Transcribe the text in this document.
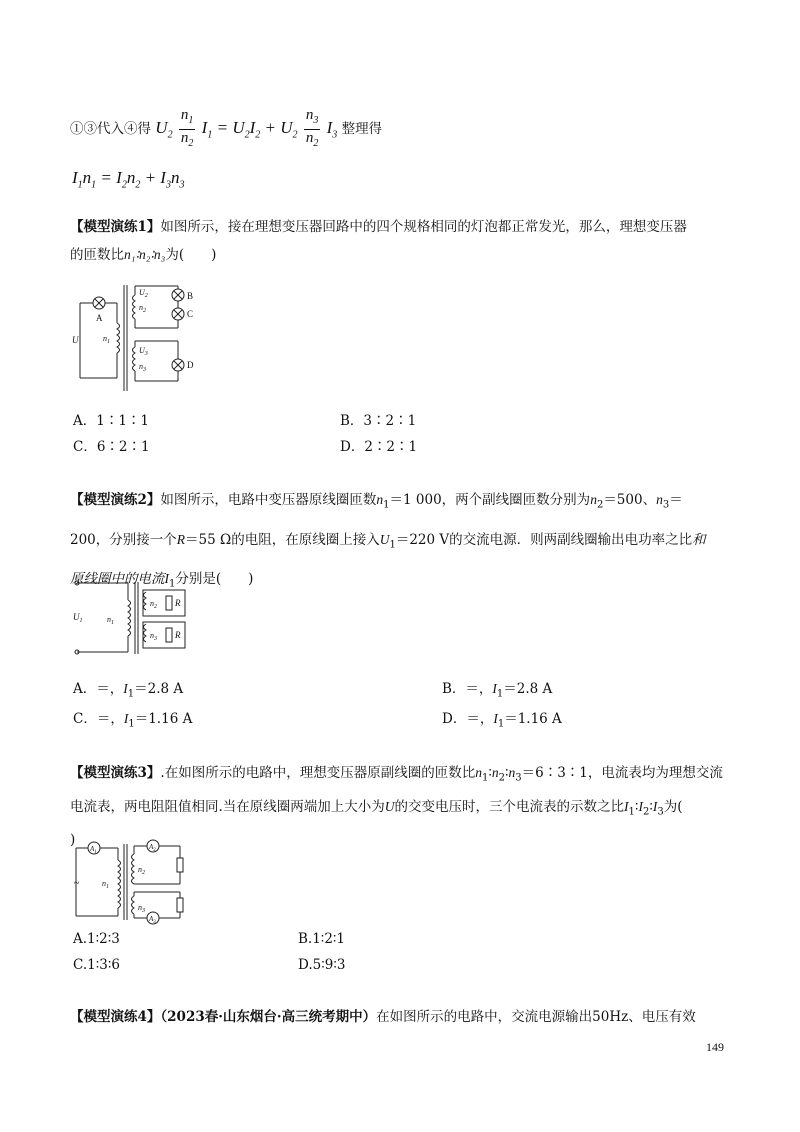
①③代入④得 $U_2 \frac{n_1}{n_2} I_1 = U_2I_2 + U_2 \frac{n_3}{n_2} I_3$ 整理得
$I_1n_1 = I_2n_2 + I_3n_3$
【模型演练1】如图所示，接在理想变压器回路中的四个规格相同的灯泡都正常发光，那么，理想变压器
的匝数比n₁∶n₂∶n₃为(　　)
A
U	$n_1$
$U_2$
$n_2$
B
C
$U_3$
$n_3$	D
A．1∶1∶1	B．3∶2∶1
C．6∶2∶1	D．2∶2∶1
【模型演练2】如图所示，电路中变压器原线圈匝数$n_1=1$ 000，两个副线圈匝数分别为$n_2=500$、$n_3=$
200，分别接一个R＝55 Ω的电阻，在原线圈上接入$U_1=220$ V的交流电源．则两副线圈输出电功率之比和
原线圈中的电流$I_1$分别是(　　)
$U_1$	$n_1$
$n_2$
$n_3$
R
R
A．＝，$I_1=2.8$ A	B．＝，$I_1=2.8$ A
C．＝，$I_1=1.16$ A	D．＝，$I_1=1.16$ A
【模型演练3】.在如图所示的电路中，理想变压器原副线圈的匝数比$n_1∶n_2∶n_3=6∶3∶1$，电流表均为理想交流
电流表，两电阻阻值相同.当在原线圈两端加上大小为U的交变电压时，三个电流表的示数之比$I_1∶I_2∶I_3$为(
)
$A_1$
$A_2$
$A_3$
~	$n_1$
$n_2$
$n_3$
A.1∶2∶3	B.1∶2∶1
C.1∶3∶6	D.5∶9∶3
【模型演练4】（2023春·山东烟台·高三统考期中）在如图所示的电路中，交流电源输出50Hz、电压有效
149
